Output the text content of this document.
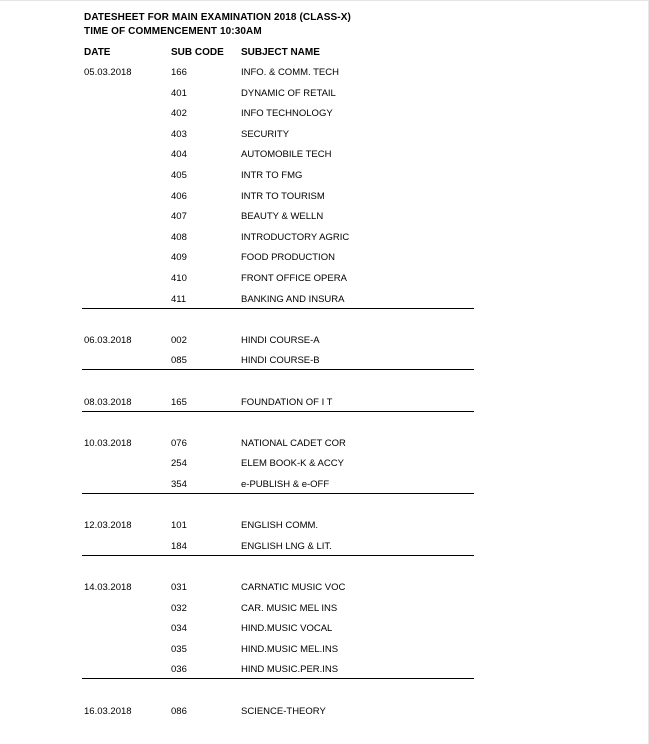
DATESHEET FOR MAIN EXAMINATION 2018 (CLASS-X)
TIME OF COMMENCEMENT 10:30AM
DATE	SUB CODE SUBJECT NAME
05.03.2018	166	INFO. & COMM. TECH
401	DYNAMIC OF RETAIL
402	INFO TECHNOLOGY
403	SECURITY
404	AUTOMOBILE TECH
405	INTR TO FMG
406	INTR TO TOURISM
407	BEAUTY & WELLN
408	INTRODUCTORY AGRIC
409	FOOD PRODUCTION
410	FRONT OFFICE OPERA
411	BANKING AND INSURA
06.03.2018	002	HINDI COURSE-A
085	HINDI COURSE-B
08.03.2018	165	FOUNDATION OF I T
10.03.2018	076	NATIONAL CADET COR
254	ELEM BOOK-K & ACCY
354	e-PUBLISH & e-OFF
12.03.2018	101	ENGLISH COMM.
184	ENGLISH LNG & LIT.
14.03.2018	031	CARNATIC MUSIC VOC
032	CAR. MUSIC MEL INS
034	HIND.MUSIC VOCAL
035	HIND.MUSIC MEL.INS
036	HIND MUSIC.PER.INS
16.03.2018	086	SCIENCE-THEORY
